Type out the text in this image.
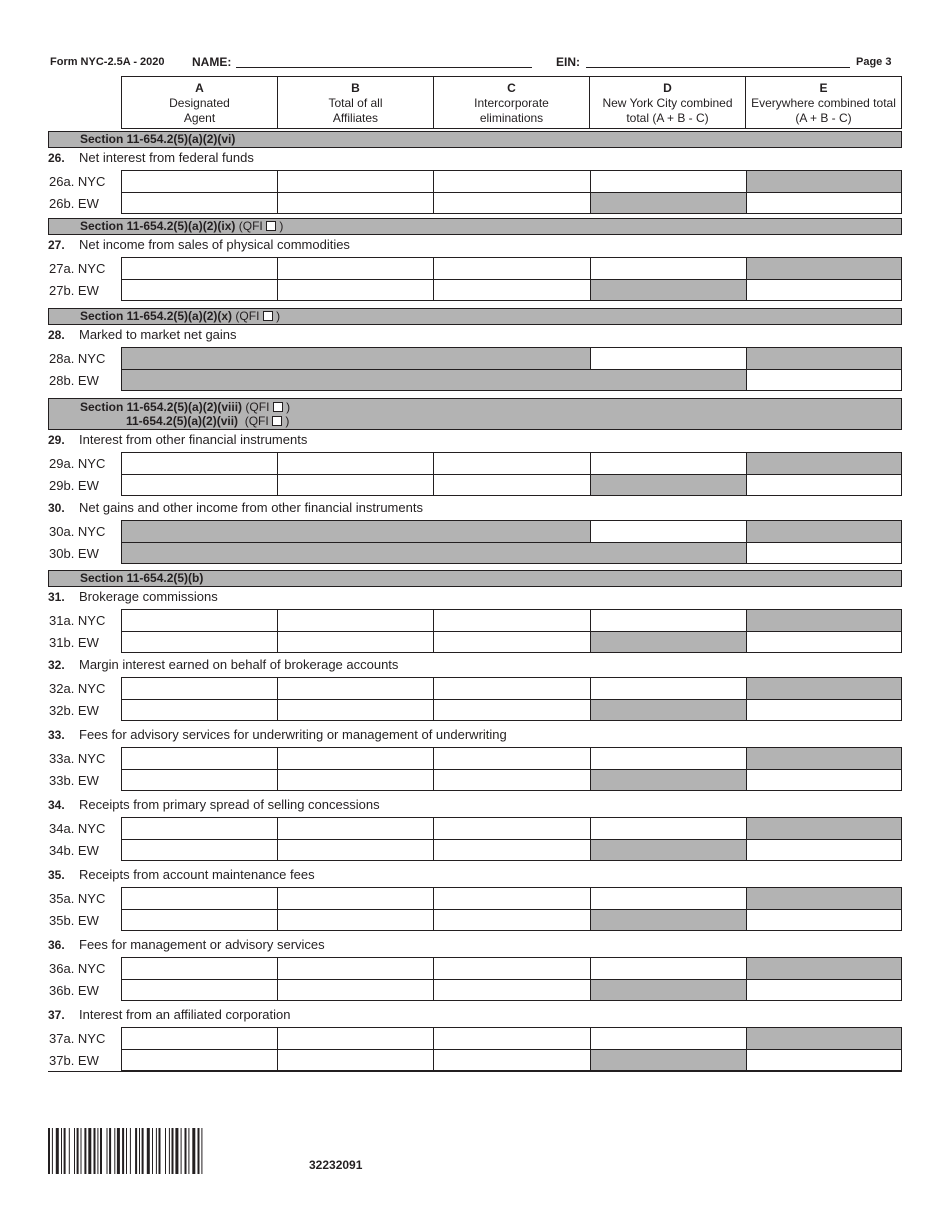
Form NYC-2.5A - 2020 NAME:	EIN:	Page 3
A
Designated
Agent
B
Total of all
Affiliates
C
Intercorporate
eliminations
D
New York City combined
total (A + B - C)
E
Everywhere combined total
(A + B - C)
Section 11-654.2(5)(a)(2)(vi)
26. Net interest from federal funds
26a. NYC
26b. EW
Section 11-654.2(5)(a)(2)(ix) (QFI )
27. Net income from sales of physical commodities
27a. NYC
27b. EW
Section 11-654.2(5)(a)(2)(x) (QFI )
28. Marked to market net gains
28a. NYC
28b. EW
Section 11-654.2(5)(a)(2)(viii) (QFI )
11-654.2(5)(a)(2)(vii) (QFI )
29. Interest from other financial instruments
29a. NYC
29b. EW
30. Net gains and other income from other financial instruments
30a. NYC
30b. EW
Section 11-654.2(5)(b)
31. Brokerage commissions
31a. NYC
31b. EW
32. Margin interest earned on behalf of brokerage accounts
32a. NYC
32b. EW
33. Fees for advisory services for underwriting or management of underwriting
33a. NYC
33b. EW
34. Receipts from primary spread of selling concessions
34a. NYC
34b. EW
35. Receipts from account maintenance fees
35a. NYC
35b. EW
36. Fees for management or advisory services
36a. NYC
36b. EW
37. Interest from an affiliated corporation
37a. NYC
37b. EW
32232091
